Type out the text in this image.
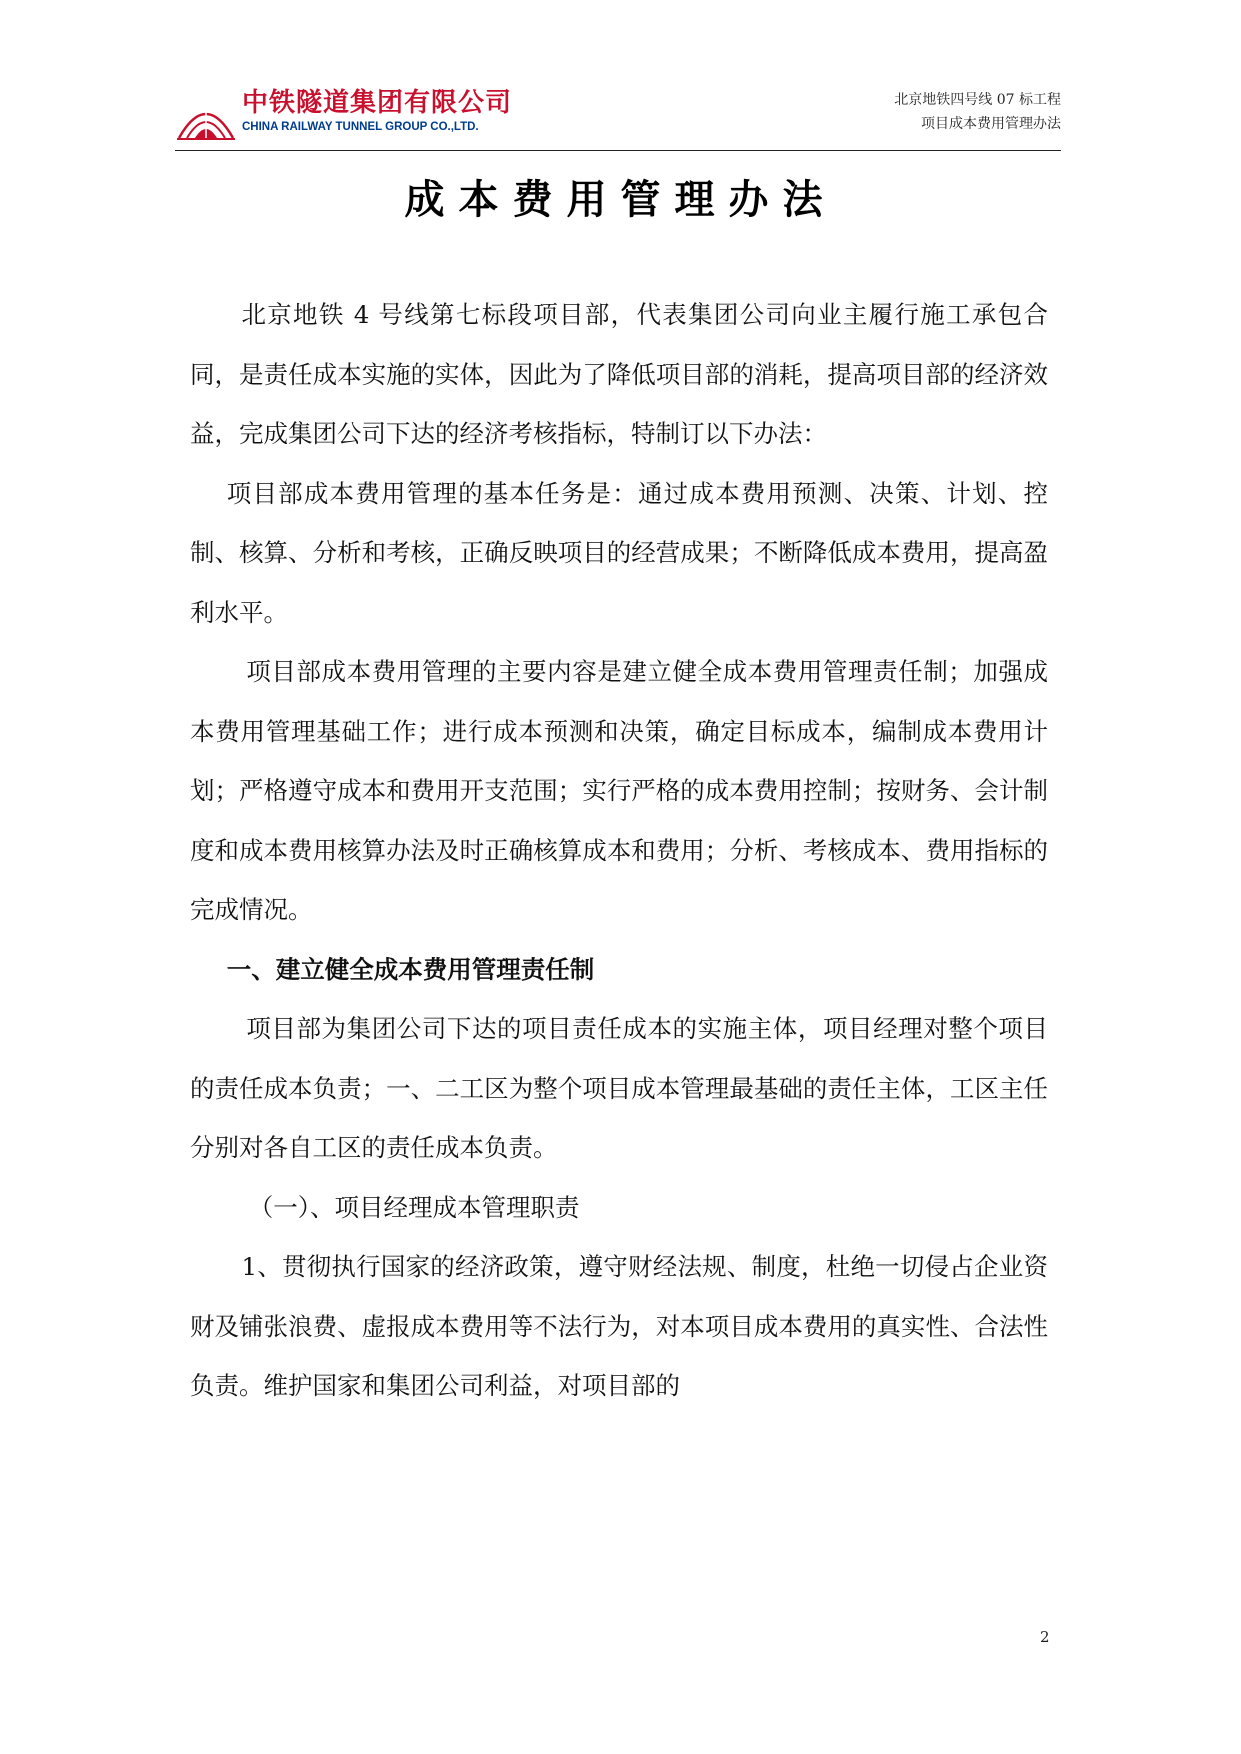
中铁隧道集团有限公司
CHINA RAILWAY TUNNEL GROUP CO.,LTD.
北京地铁四号线 07 标工程
项目成本费用管理办法
成本费用管理办法

北京地铁 4 号线第七标段项目部，代表集团公司向业主履行施工承包合同，是责任成本实施的实体，因此为了降低项目部的消耗，提高项目部的经济效益，完成集团公司下达的经济考核指标，特制订以下办法：

项目部成本费用管理的基本任务是：通过成本费用预测、决策、计划、控制、核算、分析和考核，正确反映项目的经营成果；不断降低成本费用，提高盈利水平。

项目部成本费用管理的主要内容是建立健全成本费用管理责任制；加强成本费用管理基础工作；进行成本预测和决策，确定目标成本，编制成本费用计划；严格遵守成本和费用开支范围；实行严格的成本费用控制；按财务、会计制度和成本费用核算办法及时正确核算成本和费用；分析、考核成本、费用指标的完成情况。

一、建立健全成本费用管理责任制

项目部为集团公司下达的项目责任成本的实施主体，项目经理对整个项目的责任成本负责；一、二工区为整个项目成本管理最基础的责任主体，工区主任分别对各自工区的责任成本负责。

（一）、项目经理成本管理职责

1、贯彻执行国家的经济政策，遵守财经法规、制度，杜绝一切侵占企业资财及铺张浪费、虚报成本费用等不法行为，对本项目成本费用的真实性、合法性负责。维护国家和集团公司利益，对项目部的

2
